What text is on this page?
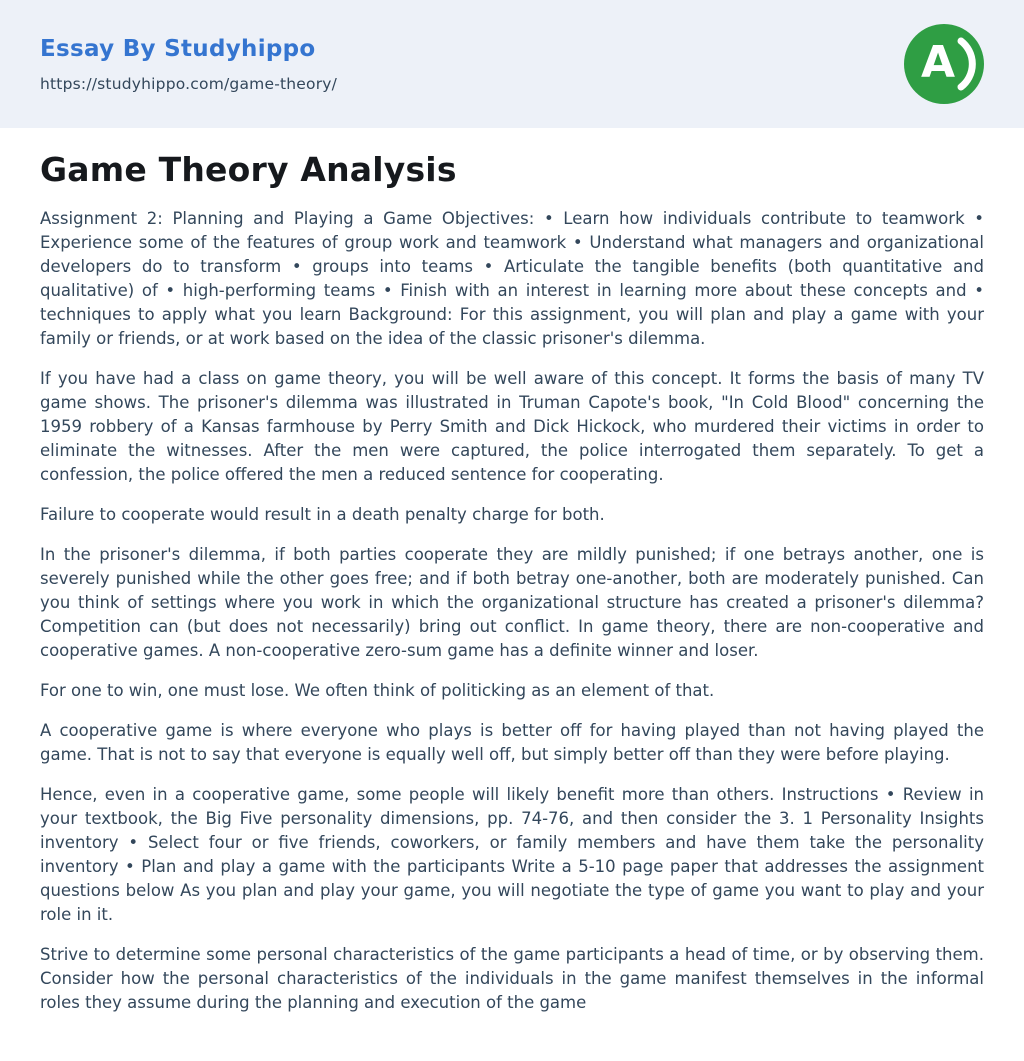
Essay By Studyhippo
https://studyhippo.com/game-theory/	A
Game Theory Analysis

Assignment 2: Planning and Playing a Game Objectives: • Learn how individuals contribute to teamwork • Experience some of the features of group work and teamwork • Understand what managers and organizational developers do to transform • groups into teams • Articulate the tangible benefits (both quantitative and qualitative) of • high-performing teams • Finish with an interest in learning more about these concepts and • techniques to apply what you learn Background: For this assignment, you will plan and play a game with your family or friends, or at work based on the idea of the classic prisoner's dilemma.

If you have had a class on game theory, you will be well aware of this concept. It forms the basis of many TV game shows. The prisoner's dilemma was illustrated in Truman Capote's book, "In Cold Blood" concerning the 1959 robbery of a Kansas farmhouse by Perry Smith and Dick Hickock, who murdered their victims in order to eliminate the witnesses. After the men were captured, the police interrogated them separately. To get a confession, the police offered the men a reduced sentence for cooperating.

Failure to cooperate would result in a death penalty charge for both.

In the prisoner's dilemma, if both parties cooperate they are mildly punished; if one betrays another, one is severely punished while the other goes free; and if both betray one-another, both are moderately punished. Can you think of settings where you work in which the organizational structure has created a prisoner's dilemma? Competition can (but does not necessarily) bring out conflict. In game theory, there are non-cooperative and cooperative games. A non-cooperative zero-sum game has a definite winner and loser.

For one to win, one must lose. We often think of politicking as an element of that.

A cooperative game is where everyone who plays is better off for having played than not having played the game. That is not to say that everyone is equally well off, but simply better off than they were before playing.

Hence, even in a cooperative game, some people will likely benefit more than others. Instructions • Review in your textbook, the Big Five personality dimensions, pp. 74-76, and then consider the 3. 1 Personality Insights inventory • Select four or five friends, coworkers, or family members and have them take the personality inventory • Plan and play a game with the participants Write a 5-10 page paper that addresses the assignment questions below As you plan and play your game, you will negotiate the type of game you want to play and your role in it.

Strive to determine some personal characteristics of the game participants a head of time, or by observing them. Consider how the personal characteristics of the individuals in the game manifest themselves in the informal roles they assume during the planning and execution of the game
